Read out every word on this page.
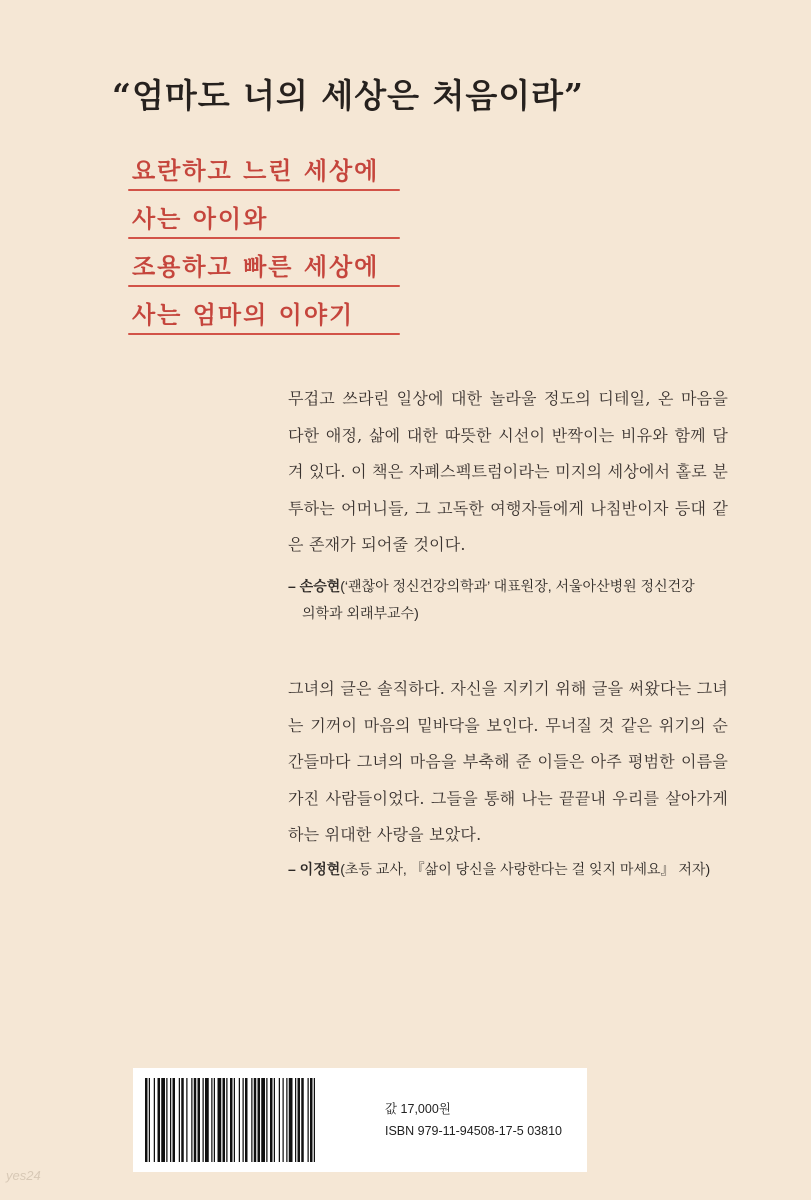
“엄마도 너의 세상은 처음이라”
요란하고 느린 세상에
사는 아이와
조용하고 빠른 세상에
사는 엄마의 이야기

무겁고 쓰라린 일상에 대한 놀라울 정도의 디테일, 온 마음을 다한 애정, 삶에 대한 따뜻한 시선이 반짝이는 비유와 함께 담겨 있다. 이 책은 자폐스펙트럼이라는 미지의 세상에서 홀로 분투하는 어머니들, 그 고독한 여행자들에게 나침반이자 등대 같은 존재가 되어줄 것이다.

– 손승현(‘괜찮아 정신건강의학과’ 대표원장, 서울아산병원 정신건강
의학과 외래부교수)

그녀의 글은 솔직하다. 자신을 지키기 위해 글을 써왔다는 그녀는 기꺼이 마음의 밑바닥을 보인다. 무너질 것 같은 위기의 순간들마다 그녀의 마음을 부축해 준 이들은 아주 평범한 이름을 가진 사람들이었다. 그들을 통해 나는 끝끝내 우리를 살아가게 하는 위대한 사랑을 보았다.

– 이정현(초등 교사, 『삶이 당신을 사랑한다는 걸 잊지 마세요』 저자)
값 17,000원
ISBN 979-11-94508-17-5 03810
yes24
